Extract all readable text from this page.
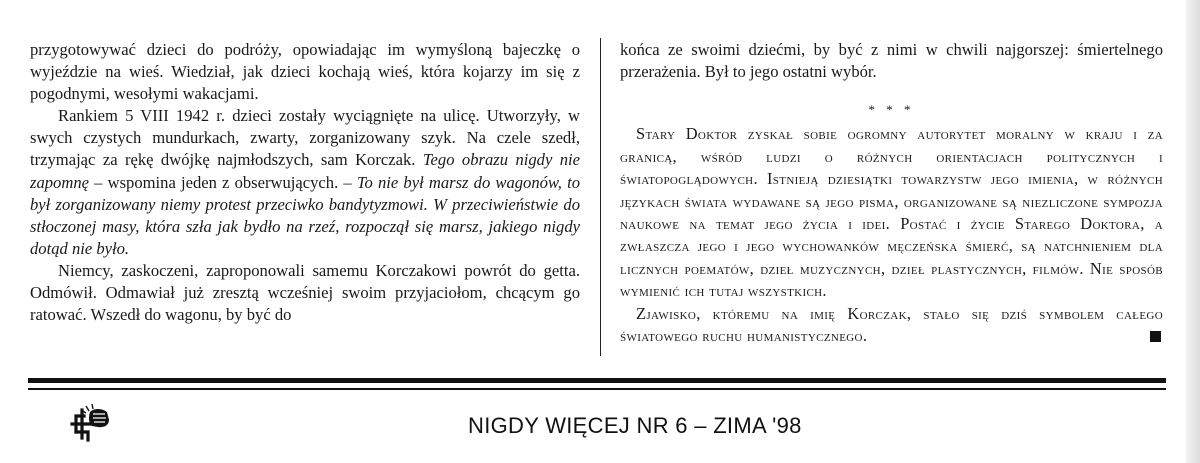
przygotowywać dzieci do podróży, opowiadając im wymyśloną bajeczkę o wyjeździe na wieś. Wiedział, jak dzieci kochają wieś, która kojarzy im się z pogodnymi, wesołymi wakacjami.

Rankiem 5 VIII 1942 r. dzieci zostały wyciągnięte na ulicę. Utworzyły, w swych czystych mundurkach, zwarty, zorganizowany szyk. Na czele szedł, trzymając za rękę dwójkę najmłodszych, sam Korczak. Tego obrazu nigdy nie zapomnę – wspomina jeden z obserwujących. – To nie był marsz do wagonów, to był zorganizowany niemy protest przeciwko bandytyzmowi. W przeciwieństwie do stłoczonej masy, która szła jak bydło na rzeź, rozpoczął się marsz, jakiego nigdy dotąd nie było.

Niemcy, zaskoczeni, zaproponowali samemu Korczakowi powrót do getta. Odmówił. Odmawiał już zresztą wcześniej swoim przyjaciołom, chcącym go ratować. Wszedł do wagonu, by być do

końca ze swoimi dziećmi, by być z nimi w chwili najgorszej: śmiertelnego przerażenia. Był to jego ostatni wybór.

* * *

Stary Doktor zyskał sobie ogromny autorytet moralny w kraju i za granicą, wśród ludzi o różnych orientacjach politycznych i światopoglądowych. Istnieją dziesiątki towarzystw jego imienia, w różnych językach świata wydawane są jego pisma, organizowane są niezliczone sympozja naukowe na temat jego życia i idei. Postać i życie Starego Doktora, a zwłaszcza jego i jego wychowanków męczeńska śmierć, są natchnieniem dla licznych poematów, dzieł muzycznych, dzieł plastycznych, filmów. Nie sposób wymienić ich tutaj wszystkich.

Zjawisko, któremu na imię Korczak, stało się dziś symbolem całego światowego ruchu humanistycznego.

NIGDY WIĘCEJ NR 6 – ZIMA '98
